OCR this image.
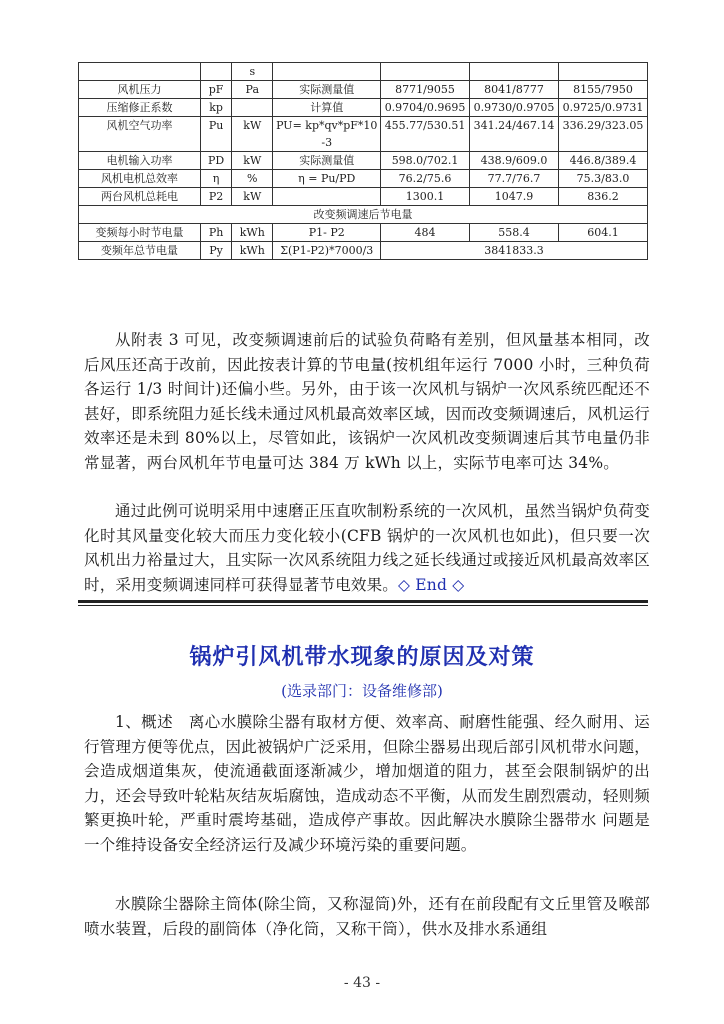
		s				
风机压力	pF	Pa	实际测量值	8771/9055	8041/8777	8155/7950
压缩修正系数	kp		计算值	0.9704/0.9695	0.9730/0.9705	0.9725/0.9731
风机空气功率	Pu	kW	PU= kp*qv*pF*10-3	455.77/530.51	341.24/467.14	336.29/323.05
电机输入功率	PD	kW	实际测量值	598.0/702.1	438.9/609.0	446.8/389.4
风机电机总效率	η	%	η = Pu/PD	76.2/75.6	77.7/76.7	75.3/83.0
两台风机总耗电	P2	kW		1300.1	1047.9	836.2
改变频调速后节电量						
变频每小时节电量	Ph	kWh	P1- P2	484	558.4	604.1
变频年总节电量	Py	kWh	Σ(P1-P2)*7000/3	3841833.3		

从附表 3 可见，改变频调速前后的试验负荷略有差别，但风量基本相同，改后风压还高于改前，因此按表计算的节电量(按机组年运行 7000 小时，三种负荷各运行 1/3 时间计)还偏小些。另外，由于该一次风机与锅炉一次风系统匹配还不甚好，即系统阻力延长线未通过风机最高效率区域，因而改变频调速后，风机运行效率还是未到 80%以上，尽管如此，该锅炉一次风机改变频调速后其节电量仍非常显著，两台风机年节电量可达 384 万 kWh 以上，实际节电率可达 34%。

通过此例可说明采用中速磨正压直吹制粉系统的一次风机，虽然当锅炉负荷变化时其风量变化较大而压力变化较小(CFB 锅炉的一次风机也如此)，但只要一次风机出力裕量过大，且实际一次风系统阻力线之延长线通过或接近风机最高效率区时，采用变频调速同样可获得显著节电效果。◇ End ◇

锅炉引风机带水现象的原因及对策
(选录部门：设备维修部)

1、概述　离心水膜除尘器有取材方便、效率高、耐磨性能强、经久耐用、运行管理方便等优点，因此被锅炉广泛采用，但除尘器易出现后部引风机带水问题，会造成烟道集灰，使流通截面逐渐减少，增加烟道的阻力，甚至会限制锅炉的出力，还会导致叶轮粘灰结灰垢腐蚀，造成动态不平衡，从而发生剧烈震动，轻则频繁更换叶轮，严重时震垮基础，造成停产事故。因此解决水膜除尘器带水 问题是一个维持设备安全经济运行及减少环境污染的重要问题。

水膜除尘器除主筒体(除尘筒，又称湿筒)外，还有在前段配有文丘里管及喉部喷水装置，后段的副筒体（净化筒，又称干筒），供水及排水系通组

- 43 -
